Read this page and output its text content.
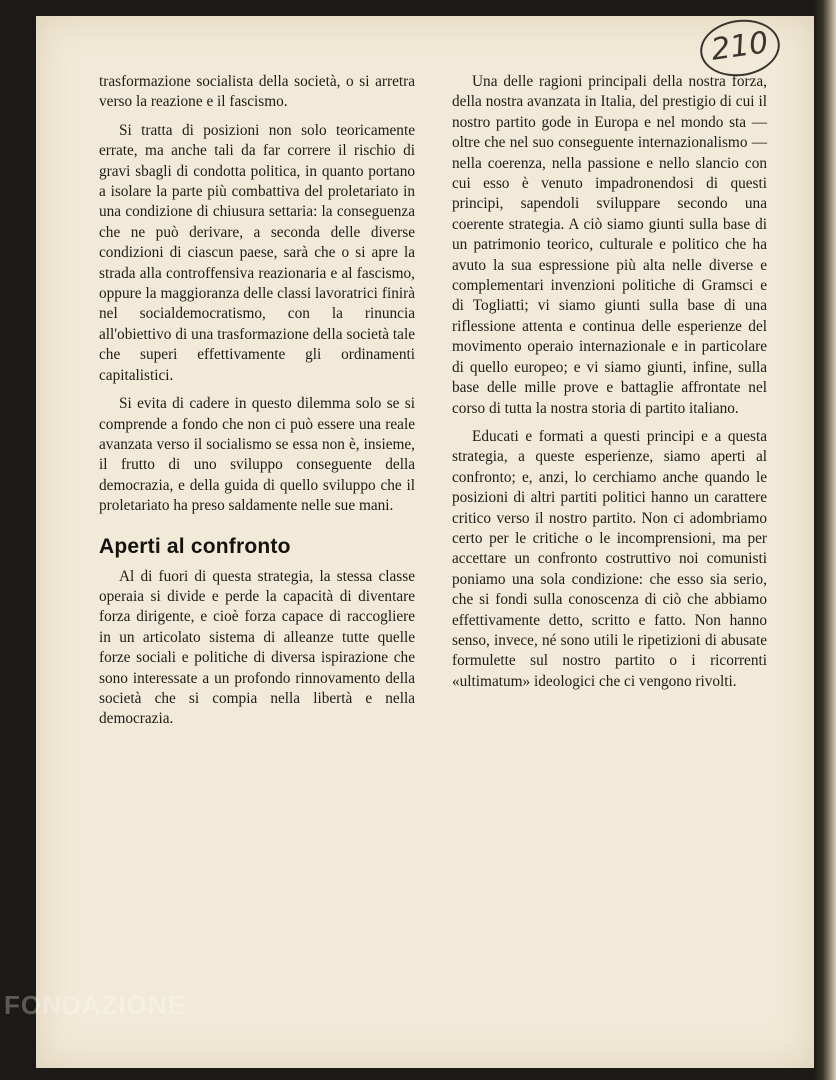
210

trasformazione socialista della società, o si arretra verso la reazione e il fascismo.

Si tratta di posizioni non solo teoricamente errate, ma anche tali da far correre il rischio di gravi sbagli di condotta politica, in quanto portano a isolare la parte più combattiva del proletariato in una condizione di chiusura settaria: la conseguenza che ne può derivare, a seconda delle diverse condizioni di ciascun paese, sarà che o si apre la strada alla controffensiva reazionaria e al fascismo, oppure la maggioranza delle classi lavoratrici finirà nel socialdemocratismo, con la rinuncia all'obiettivo di una trasformazione della società tale che superi effettivamente gli ordinamenti capitalistici.

Si evita di cadere in questo dilemma solo se si comprende a fondo che non ci può essere una reale avanzata verso il socialismo se essa non è, insieme, il frutto di uno sviluppo conseguente della democrazia, e della guida di quello sviluppo che il proletariato ha preso saldamente nelle sue mani.

Aperti al confronto

Al di fuori di questa strategia, la stessa classe operaia si divide e perde la capacità di diventare forza dirigente, e cioè forza capace di raccogliere in un articolato sistema di alleanze tutte quelle forze sociali e politiche di diversa ispirazione che sono interessate a un profondo rinnovamento della società che si compia nella libertà e nella democrazia.

Una delle ragioni principali della nostra forza, della nostra avanzata in Italia, del prestigio di cui il nostro partito gode in Europa e nel mondo sta — oltre che nel suo conseguente internazionalismo — nella coerenza, nella passione e nello slancio con cui esso è venuto impadronendosi di questi principi, sapendoli sviluppare secondo una coerente strategia. A ciò siamo giunti sulla base di un patrimonio teorico, culturale e politico che ha avuto la sua espressione più alta nelle diverse e complementari invenzioni politiche di Gramsci e di Togliatti; vi siamo giunti sulla base di una riflessione attenta e continua delle esperienze del movimento operaio internazionale e in particolare di quello europeo; e vi siamo giunti, infine, sulla base delle mille prove e battaglie affrontate nel corso di tutta la nostra storia di partito italiano.

Educati e formati a questi principi e a questa strategia, a queste esperienze, siamo aperti al confronto; e, anzi, lo cerchiamo anche quando le posizioni di altri partiti politici hanno un carattere critico verso il nostro partito. Non ci adombriamo certo per le critiche o le incomprensioni, ma per accettare un confronto costruttivo noi comunisti poniamo una sola condizione: che esso sia serio, che si fondi sulla conoscenza di ciò che abbiamo effettivamente detto, scritto e fatto. Non hanno senso, invece, né sono utili le ripetizioni di abusate formulette sul nostro partito o i ricorrenti «ultimatum» ideologici che ci vengono rivolti.

FONDAZIONE
